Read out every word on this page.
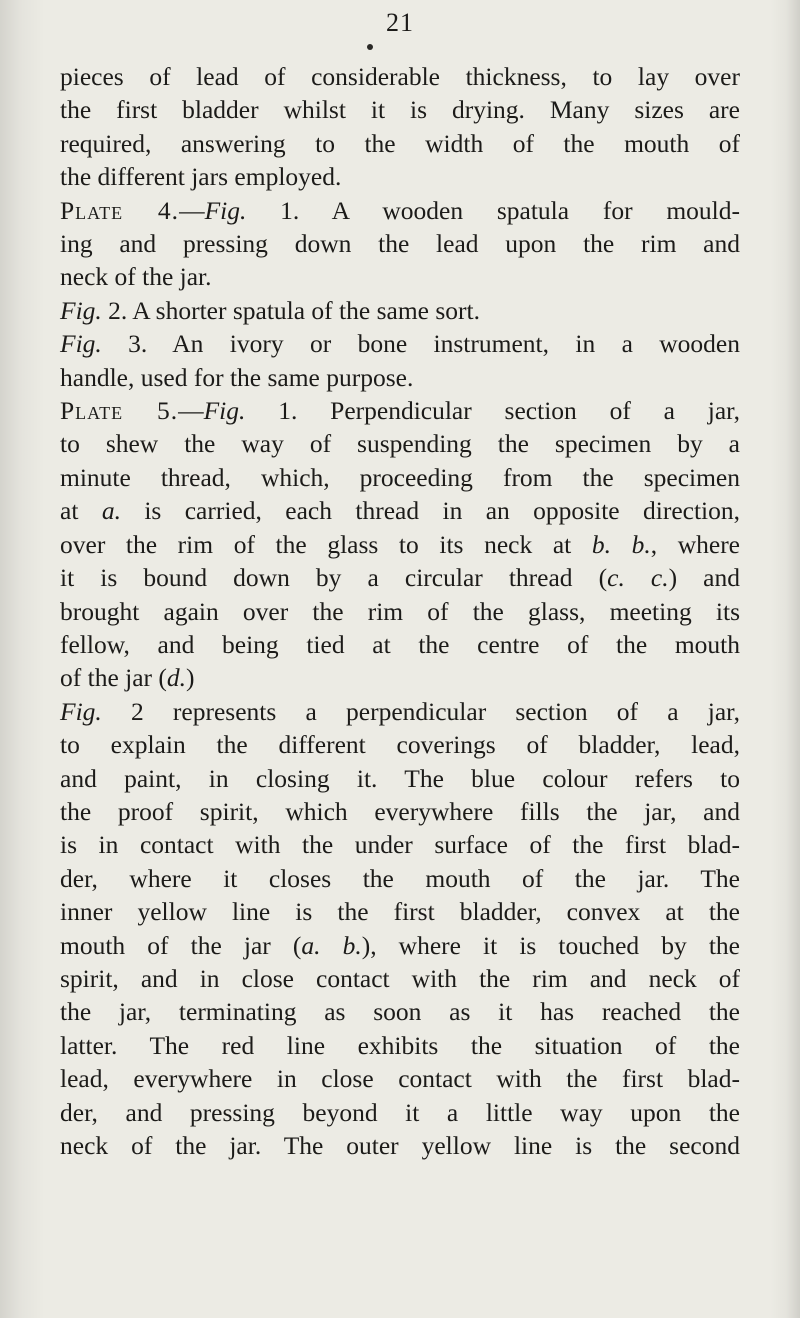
21
pieces of lead of considerable thickness, to lay over
the first bladder whilst it is drying. Many sizes are
required, answering to the width of the mouth of
the different jars employed.
Plate 4.—Fig. 1. A wooden spatula for mould-
ing and pressing down the lead upon the rim and
neck of the jar.
Fig. 2. A shorter spatula of the same sort.
Fig. 3. An ivory or bone instrument, in a wooden
handle, used for the same purpose.
Plate 5.—Fig. 1. Perpendicular section of a jar,
to shew the way of suspending the specimen by a
minute thread, which, proceeding from the specimen
at a. is carried, each thread in an opposite direction,
over the rim of the glass to its neck at b. b., where
it is bound down by a circular thread (c. c.) and
brought again over the rim of the glass, meeting its
fellow, and being tied at the centre of the mouth
of the jar (d.)
Fig. 2 represents a perpendicular section of a jar,
to explain the different coverings of bladder, lead,
and paint, in closing it. The blue colour refers to
the proof spirit, which everywhere fills the jar, and
is in contact with the under surface of the first blad-
der, where it closes the mouth of the jar. The
inner yellow line is the first bladder, convex at the
mouth of the jar (a. b.), where it is touched by the
spirit, and in close contact with the rim and neck of
the jar, terminating as soon as it has reached the
latter. The red line exhibits the situation of the
lead, everywhere in close contact with the first blad-
der, and pressing beyond it a little way upon the
neck of the jar. The outer yellow line is the second
